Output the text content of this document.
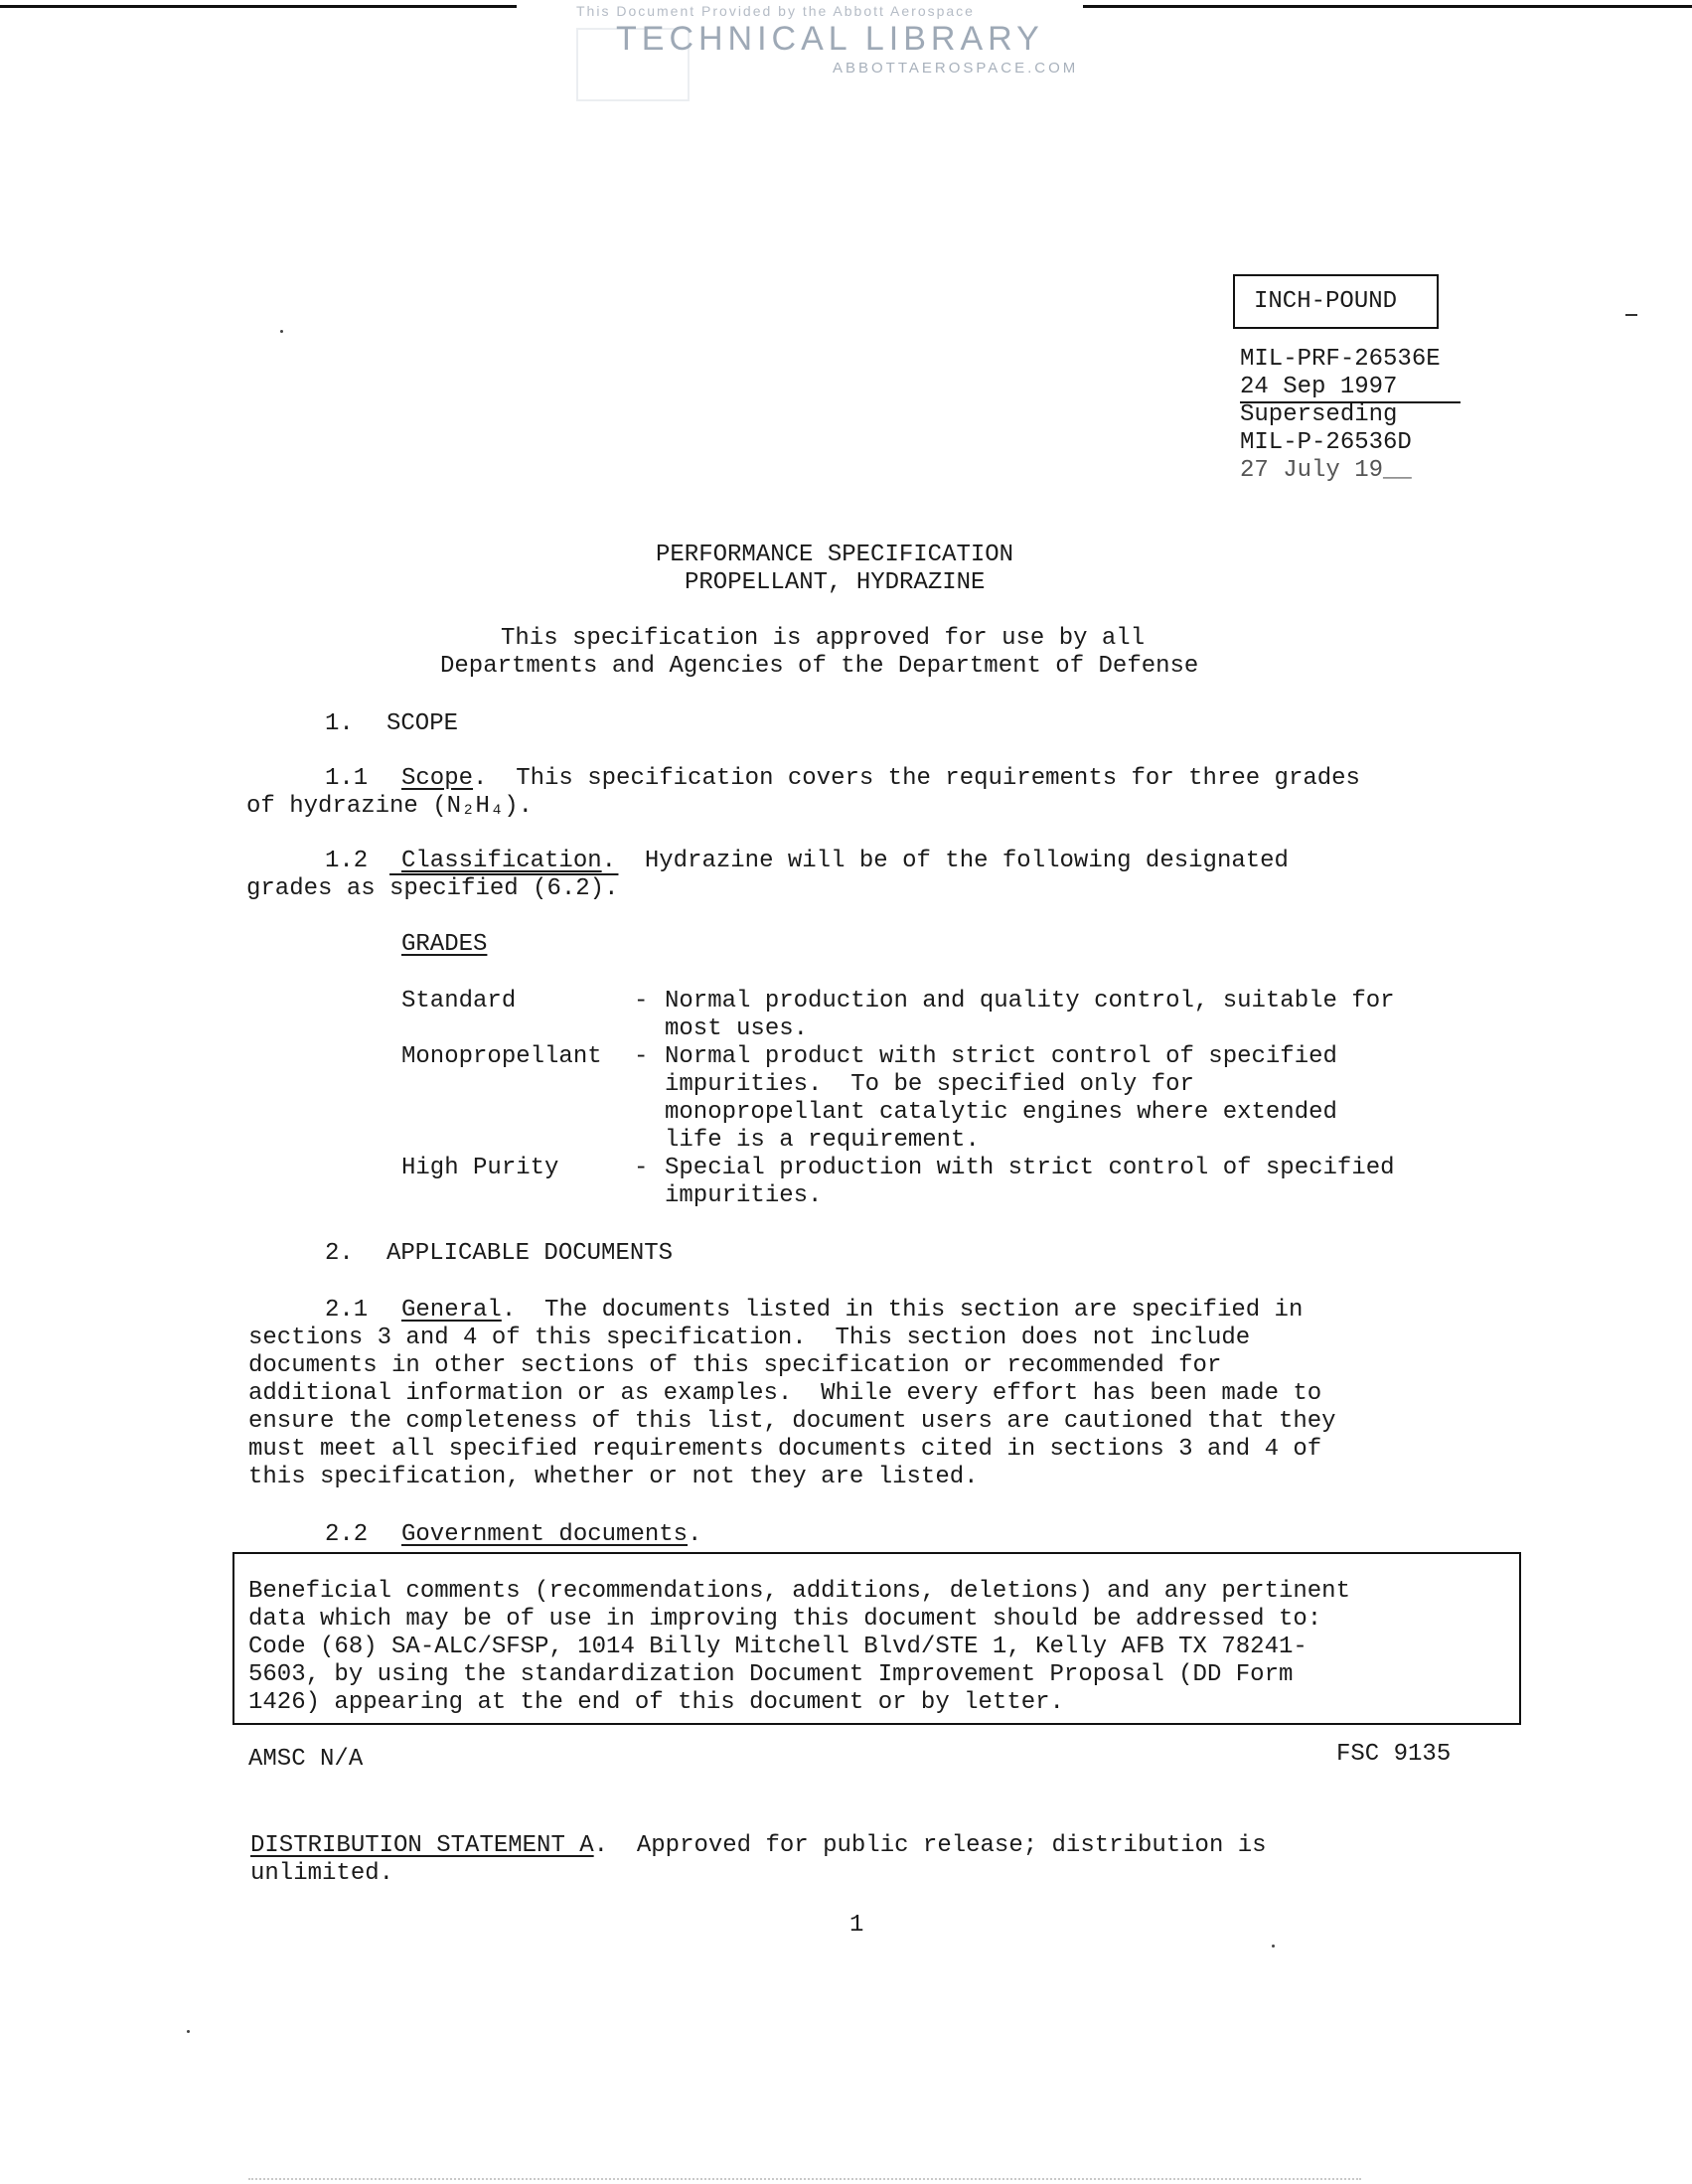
This Document Provided by the Abbott Aerospace
TECHNICAL LIBRARY
ABBOTTAEROSPACE.COM
INCH-POUND
MIL-PRF-26536E
24 Sep 1997
Superseding
MIL-P-26536D
27 July 19__
PERFORMANCE SPECIFICATION
PROPELLANT, HYDRAZINE
This specification is approved for use by all
Departments and Agencies of the Department of Defense
1. SCOPE
1.1 Scope.  This specification covers the requirements for three grades
of hydrazine (N₂H₄).
1.2 Classification.  Hydrazine will be of the following designated
grades as specified (6.2).
GRADES
Standard	- Normal production and quality control, suitable for
most uses.
Monopropellant - Normal product with strict control of specified
impurities.  To be specified only for
monopropellant catalytic engines where extended
life is a requirement.
High Purity	- Special production with strict control of specified
impurities.
2. APPLICABLE DOCUMENTS
2.1 General.  The documents listed in this section are specified in
sections 3 and 4 of this specification.  This section does not include
documents in other sections of this specification or recommended for
additional information or as examples.  While every effort has been made to
ensure the completeness of this list, document users are cautioned that they
must meet all specified requirements documents cited in sections 3 and 4 of
this specification, whether or not they are listed.
2.2 Government documents.
Beneficial comments (recommendations, additions, deletions) and any pertinent
data which may be of use in improving this document should be addressed to:
Code (68) SA-ALC/SFSP, 1014 Billy Mitchell Blvd/STE 1, Kelly AFB TX 78241-
5603, by using the standardization Document Improvement Proposal (DD Form
1426) appearing at the end of this document or by letter.
AMSC N/A	FSC 9135
DISTRIBUTION STATEMENT A.  Approved for public release; distribution is
unlimited.
1
